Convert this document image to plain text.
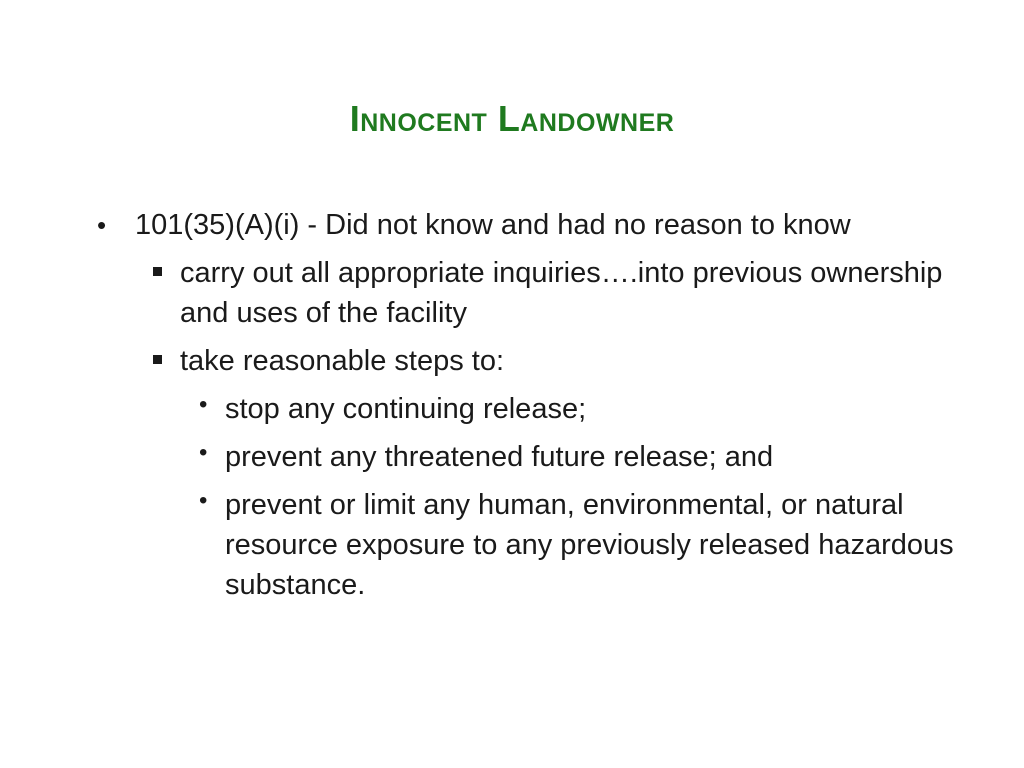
Innocent Landowner
• 101(35)(A)(i) - Did not know and had no reason to know
carry out all appropriate inquiries….into previous ownership and uses of the facility
take reasonable steps to:
• stop any continuing release;
• prevent any threatened future release; and
• prevent or limit any human, environmental, or natural resource exposure to any previously released hazardous substance.
